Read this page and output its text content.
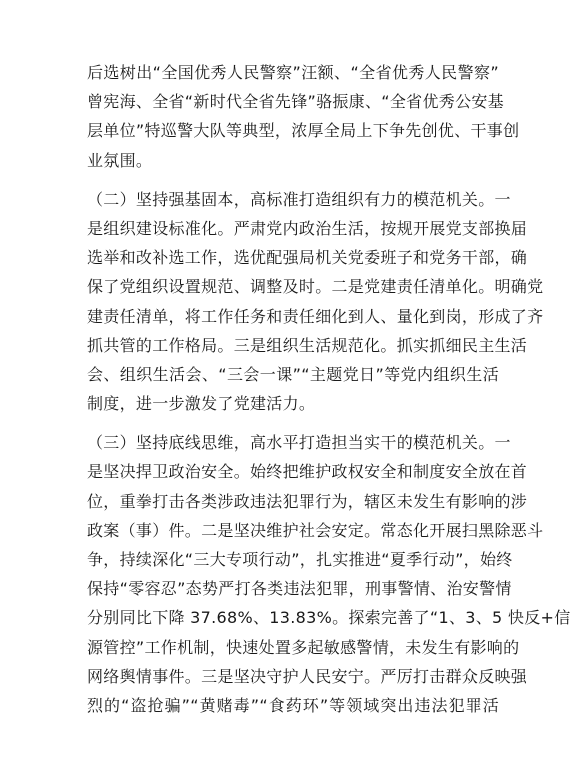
后选树出“全国优秀人民警察”汪额、“全省优秀人民警察”
曾宪海、全省“新时代全省先锋”骆振康、“全省优秀公安基
层单位”特巡警大队等典型，浓厚全局上下争先创优、干事创
业氛围。
（二）坚持强基固本，高标准打造组织有力的模范机关。一
是组织建设标准化。严肃党内政治生活，按规开展党支部换届
选举和改补选工作，选优配强局机关党委班子和党务干部，确
保了党组织设置规范、调整及时。二是党建责任清单化。明确党
建责任清单，将工作任务和责任细化到人、量化到岗，形成了齐
抓共管的工作格局。三是组织生活规范化。抓实抓细民主生活
会、组织生活会、“三会一课”“主题党日”等党内组织生活
制度，进一步激发了党建活力。
（三）坚持底线思维，高水平打造担当实干的模范机关。一
是坚决捍卫政治安全。始终把维护政权安全和制度安全放在首
位，重拳打击各类涉政违法犯罪行为，辖区未发生有影响的涉
政案（事）件。二是坚决维护社会安定。常态化开展扫黑除恶斗
争，持续深化“三大专项行动”，扎实推进“夏季行动”，始终
保持“零容忍”态势严打各类违法犯罪，刑事警情、治安警情
分别同比下降 37.68%、13.83%。探索完善了“1、3、5 快反+信
源管控”工作机制，快速处置多起敏感警情，未发生有影响的
网络舆情事件。三是坚决守护人民安宁。严厉打击群众反映强
烈的“盗抢骗”“黄赌毒”“食药环”等领域突出违法犯罪活
